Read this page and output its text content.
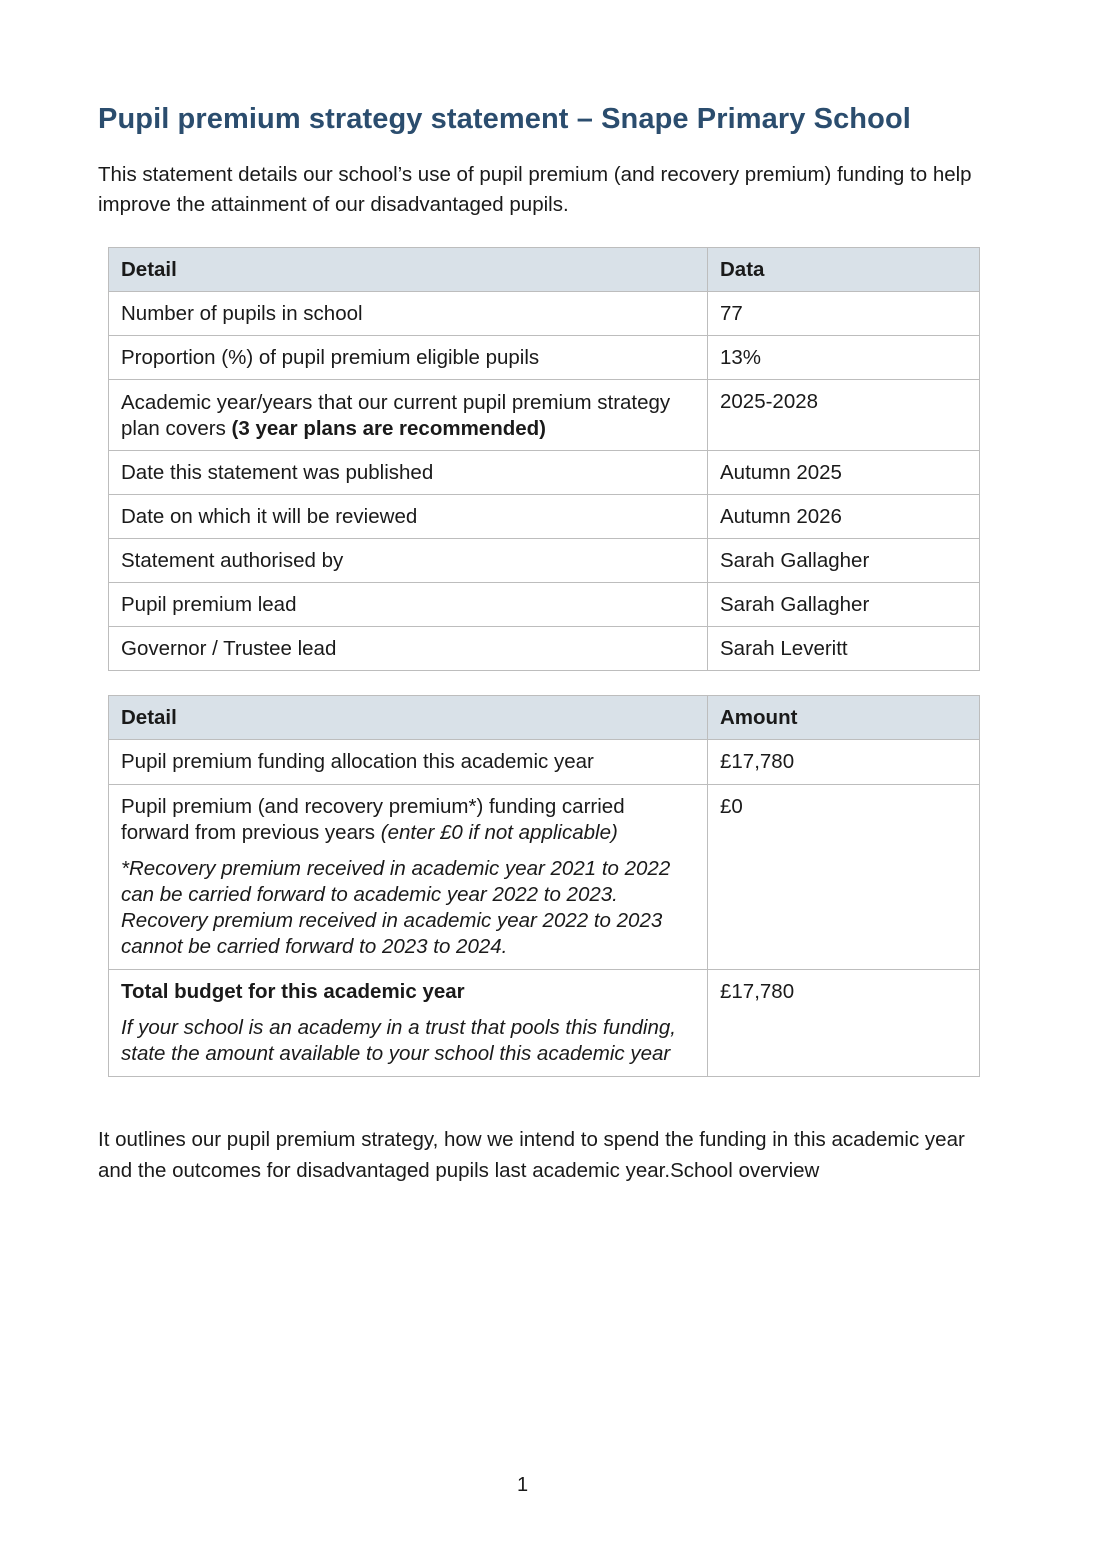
Pupil premium strategy statement – Snape Primary School

This statement details our school’s use of pupil premium (and recovery premium) funding to help improve the attainment of our disadvantaged pupils.

Detail	Data
Number of pupils in school	77
Proportion (%) of pupil premium eligible pupils	13%
Academic year/years that our current pupil premium strategy plan covers (3 year plans are recommended)	2025-2028
Date this statement was published	Autumn 2025
Date on which it will be reviewed	Autumn 2026
Statement authorised by	Sarah Gallagher
Pupil premium lead	Sarah Gallagher
Governor / Trustee lead	Sarah Leveritt
Detail	Amount
Pupil premium funding allocation this academic year	£17,780

Pupil premium (and recovery premium*) funding carried forward from previous years (enter £0 if not applicable)
*Recovery premium received in academic year 2021 to 2022 can be carried forward to academic year 2022 to 2023. Recovery premium received in academic year 2022 to 2023 cannot be carried forward to 2023 to 2024.	£0

Total budget for this academic year
If your school is an academy in a trust that pools this funding, state the amount available to your school this academic year	£17,780

It outlines our pupil premium strategy, how we intend to spend the funding in this academic year and the outcomes for disadvantaged pupils last academic year.School overview

1
